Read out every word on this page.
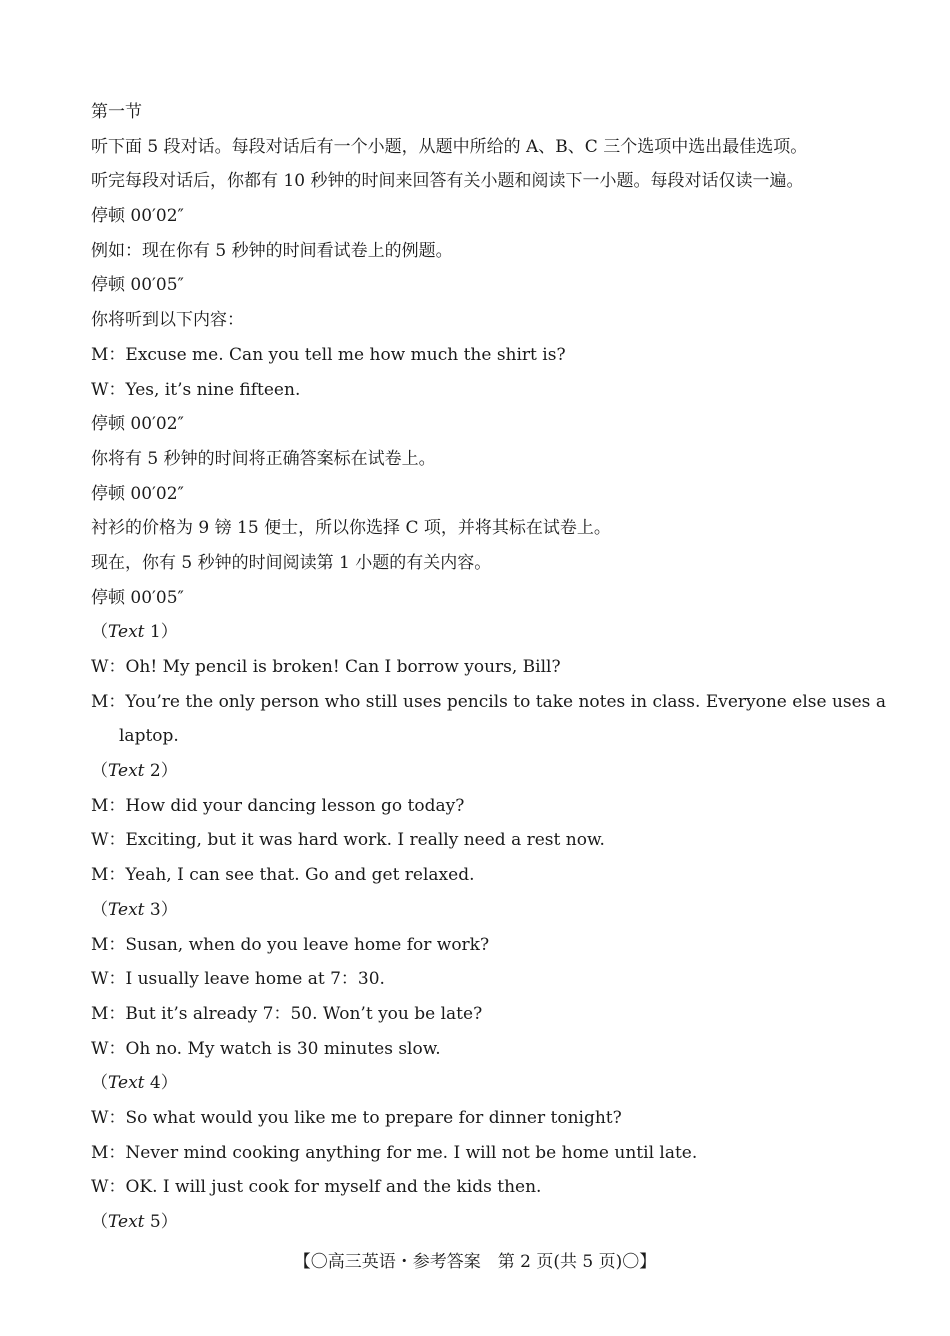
第一节
听下面 5 段对话。每段对话后有一个小题，从题中所给的 A、B、C 三个选项中选出最佳选项。
听完每段对话后，你都有 10 秒钟的时间来回答有关小题和阅读下一小题。每段对话仅读一遍。
停顿 00′02″
例如：现在你有 5 秒钟的时间看试卷上的例题。
停顿 00′05″
你将听到以下内容：
M：Excuse me. Can you tell me how much the shirt is?
W：Yes, it’s nine fifteen.
停顿 00′02″
你将有 5 秒钟的时间将正确答案标在试卷上。
停顿 00′02″
衬衫的价格为 9 镑 15 便士，所以你选择 C 项，并将其标在试卷上。
现在，你有 5 秒钟的时间阅读第 1 小题的有关内容。
停顿 00′05″
（Text 1）
W：Oh! My pencil is broken! Can I borrow yours, Bill?
M：You’re the only person who still uses pencils to take notes in class. Everyone else uses a
laptop.
（Text 2）
M：How did your dancing lesson go today?
W：Exciting, but it was hard work. I really need a rest now.
M：Yeah, I can see that. Go and get relaxed.
（Text 3）
M：Susan, when do you leave home for work?
W：I usually leave home at 7：30.
M：But it’s already 7：50. Won’t you be late?
W：Oh no. My watch is 30 minutes slow.
（Text 4）
W：So what would you like me to prepare for dinner tonight?
M：Never mind cooking anything for me. I will not be home until late.
W：OK. I will just cook for myself and the kids then.
（Text 5）
【〇高三英语・参考答案　第 2 页(共 5 页)〇】
